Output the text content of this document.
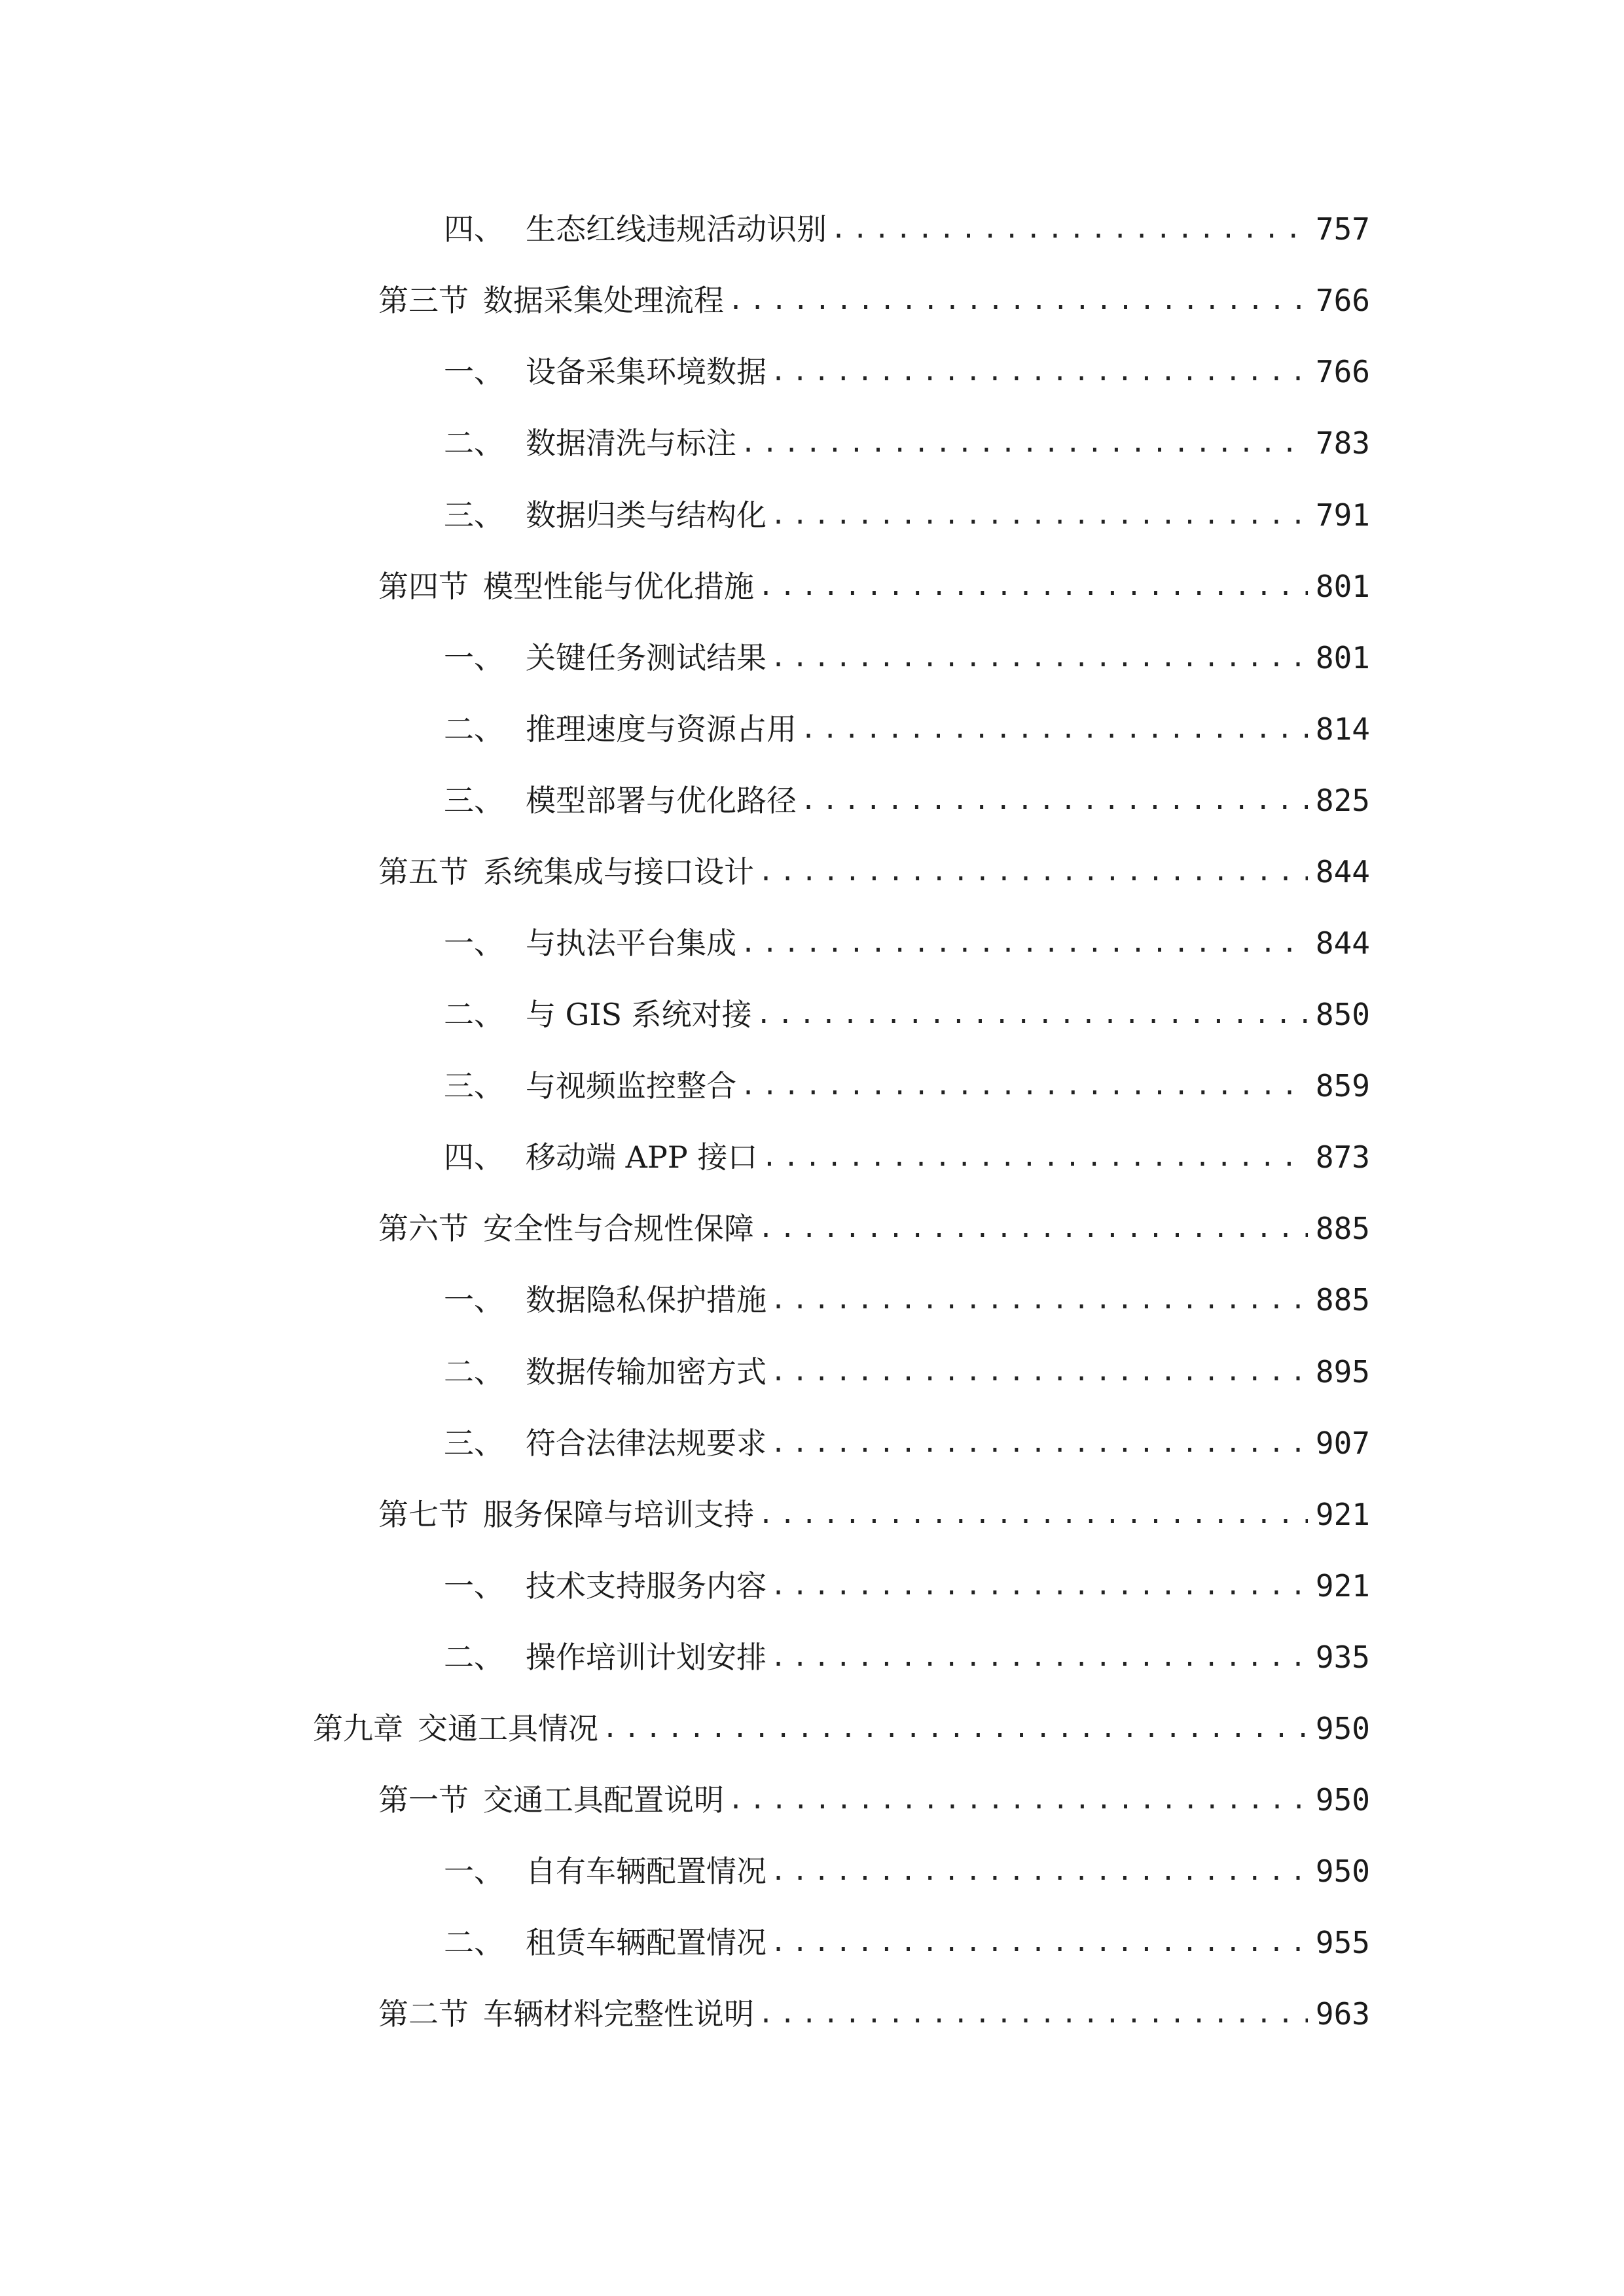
四、 生态红线违规活动识别 .....	757
第三节 数据采集处理流程 .....	766
一、 设备采集环境数据 .....	766
二、 数据清洗与标注 .....	783
三、 数据归类与结构化 .....	791
第四节 模型性能与优化措施 .....	801
一、 关键任务测试结果 .....	801
二、 推理速度与资源占用 .....	814
三、 模型部署与优化路径 .....	825
第五节 系统集成与接口设计 .....	844
一、 与执法平台集成 .....	844
二、 与 GIS 系统对接 .....	850
三、 与视频监控整合 .....	859
四、 移动端 APP 接口 .....	873
第六节 安全性与合规性保障 .....	885
一、 数据隐私保护措施 .....	885
二、 数据传输加密方式 .....	895
三、 符合法律法规要求 .....	907
第七节 服务保障与培训支持 .....	921
一、 技术支持服务内容 .....	921
二、 操作培训计划安排 .....	935
第九章 交通工具情况 .....	950
第一节 交通工具配置说明 .....	950
一、 自有车辆配置情况 .....	950
二、 租赁车辆配置情况 .....	955
第二节 车辆材料完整性说明 .....	963
